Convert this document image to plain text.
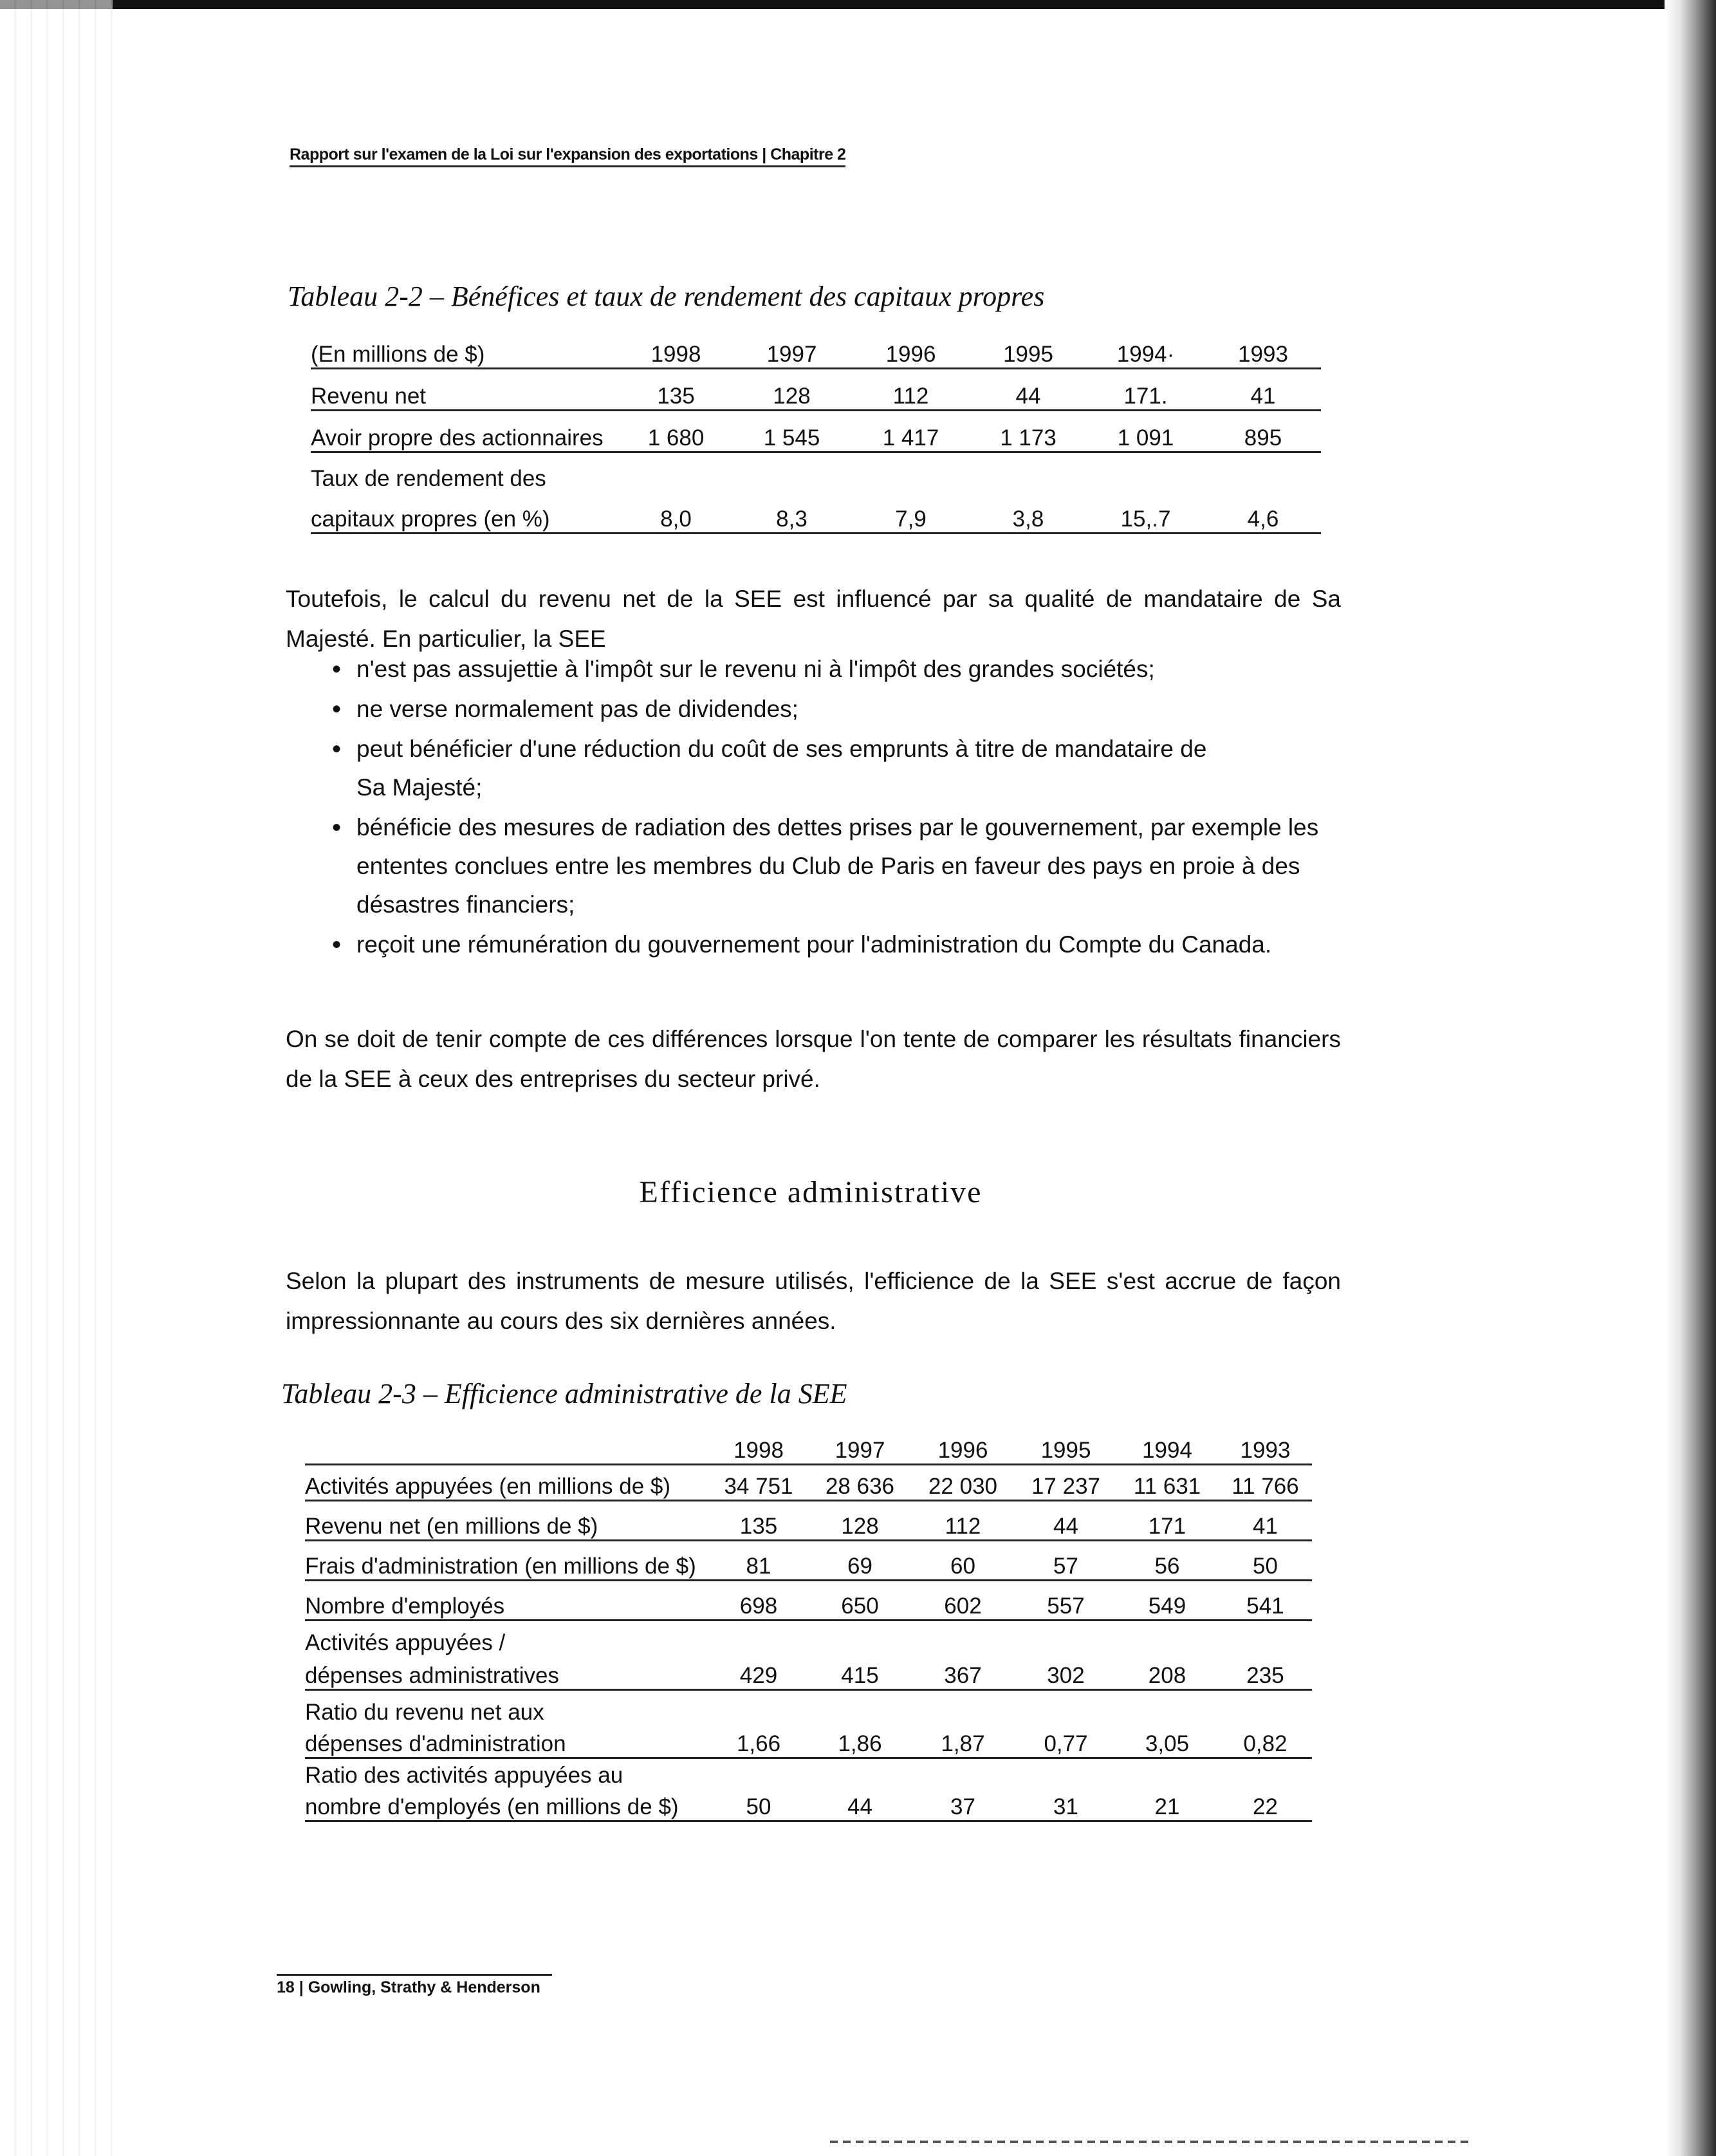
Rapport sur l'examen de la Loi sur l'expansion des exportations | Chapitre 2
Tableau 2-2 – Bénéfices et taux de rendement des capitaux propres
(En millions de $)	1998	1997	1996	1995	1994·	1993
Revenu net	135	128	112	44	171.	41
Avoir propre des actionnaires	1 680	1 545	1 417	1 173	1 091	895
Taux de rendement des						
capitaux propres (en %)	8,0	8,3	7,9	3,8	15,.7	4,6
Toutefois, le calcul du revenu net de la SEE est influencé par sa qualité de mandataire de Sa Majesté. En particulier, la SEE
• n'est pas assujettie à l'impôt sur le revenu ni à l'impôt des grandes sociétés;
• ne verse normalement pas de dividendes;
• peut bénéficier d'une réduction du coût de ses emprunts à titre de mandataire de Sa Majesté;
• bénéficie des mesures de radiation des dettes prises par le gouvernement, par exemple les ententes conclues entre les membres du Club de Paris en faveur des pays en proie à des désastres financiers;
• reçoit une rémunération du gouvernement pour l'administration du Compte du Canada.
On se doit de tenir compte de ces différences lorsque l'on tente de comparer les résultats financiers de la SEE à ceux des entreprises du secteur privé.
Efficience administrative
Selon la plupart des instruments de mesure utilisés, l'efficience de la SEE s'est accrue de façon impressionnante au cours des six dernières années.
Tableau 2-3 – Efficience administrative de la SEE
	1998	1997	1996	1995	1994	1993
Activités appuyées (en millions de $)	34 751	28 636	22 030	17 237	11 631	11 766
Revenu net (en millions de $)	135	128	112	44	171	41
Frais d'administration (en millions de $)	81	69	60	57	56	50
Nombre d'employés	698	650	602	557	549	541
Activités appuyées /						
dépenses administratives	429	415	367	302	208	235
Ratio du revenu net aux						
dépenses d'administration	1,66	1,86	1,87	0,77	3,05	0,82
Ratio des activités appuyées au						
nombre d'employés (en millions de $)	50	44	37	31	21	22
18 | Gowling, Strathy & Henderson
